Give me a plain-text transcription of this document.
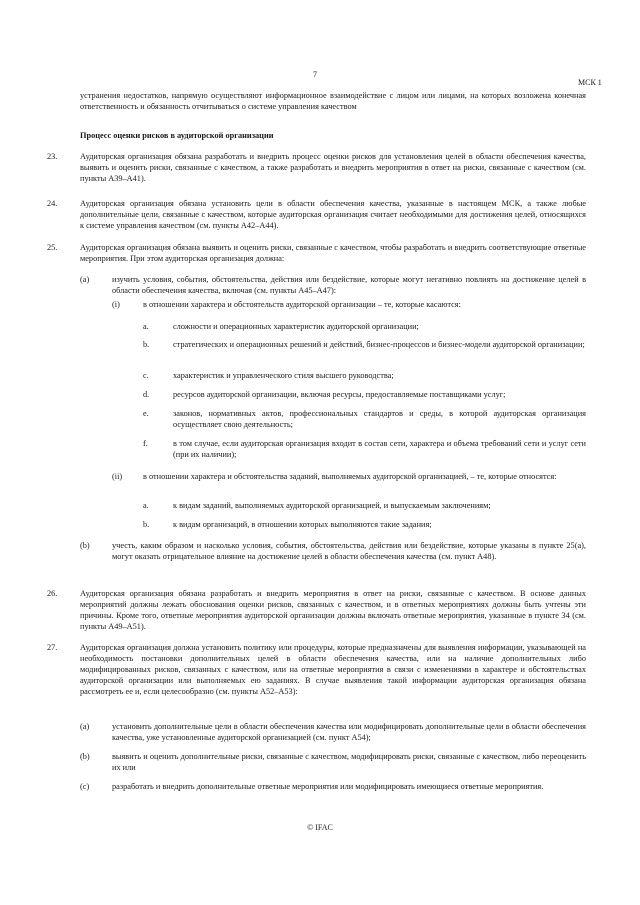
7
МСК 1
устранения недостатков, напрямую осуществляют информационное взаимодействие с лицом или лицами, на которых возложена конечная ответственность и обязанность отчитываться о системе управления качеством
Процесс оценки рисков в аудиторской организации
23.	Аудиторская организация обязана разработать и внедрить процесс оценки рисков для установления целей в области обеспечения качества, выявить и оценить риски, связанные с качеством, а также разработать и внедрить мероприятия в ответ на риски, связанные с качеством (см. пункты A39–A41).
24.	Аудиторская организация обязана установить цели в области обеспечения качества, указанные в настоящем МСК, а также любые дополнительные цели, связанные с качеством, которые аудиторская организация считает необходимыми для достижения целей, относящихся к системе управления качеством (см. пункты A42–A44).
25.	Аудиторская организация обязана выявить и оценить риски, связанные с качеством, чтобы разработать и внедрить соответствующие ответные мероприятия. При этом аудиторская организация должна:
(a)	изучить условия, события, обстоятельства, действия или бездействие, которые могут негативно повлиять на достижение целей в области обеспечения качества, включая (см. пункты A45–A47):
(i)	в отношении характера и обстоятельств аудиторской организации – те, которые касаются:
a.	сложности и операционных характеристик аудиторской организации;
b.	стратегических и операционных решений и действий, бизнес-процессов и бизнес-модели аудиторской организации;
c.	характеристик и управленческого стиля высшего руководства;
d.	ресурсов аудиторской организации, включая ресурсы, предоставляемые поставщиками услуг;
e.	законов, нормативных актов, профессиональных стандартов и среды, в которой аудиторская организация осуществляет свою деятельность;
f.	в том случае, если аудиторская организация входит в состав сети, характера и объема требований сети и услуг сети (при их наличии);
(ii)	в отношении характера и обстоятельства заданий, выполняемых аудиторской организацией, – те, которые относятся:
a.	к видам заданий, выполняемых аудиторской организацией, и выпускаемым заключениям;
b.	к видам организаций, в отношении которых выполняются такие задания;
(b)	учесть, каким образом и насколько условия, события, обстоятельства, действия или бездействие, которые указаны в пункте 25(a), могут оказать отрицательное влияние на достижение целей в области обеспечения качества (см. пункт A48).
26.	Аудиторская организация обязана разработать и внедрить мероприятия в ответ на риски, связанные с качеством. В основе данных мероприятий должны лежать обоснования оценки рисков, связанных с качеством, и в ответных мероприятиях должны быть учтены эти причины. Кроме того, ответные мероприятия аудиторской организации должны включать ответные мероприятия, указанные в пункте 34 (см. пункты A49–A51).
27.	Аудиторская организация должна установить политику или процедуры, которые предназначены для выявления информации, указывающей на необходимость постановки дополнительных целей в области обеспечения качества, или на наличие дополнительных либо модифицированных рисков, связанных с качеством, или на ответные мероприятия в связи с изменениями в характере и обстоятельствах аудиторской организации или выполняемых ею заданиях. В случае выявления такой информации аудиторская организация обязана рассмотреть ее и, если целесообразно (см. пункты A52–A53):
(a)	установить дополнительные цели в области обеспечения качества или модифицировать дополнительные цели в области обеспечения качества, уже установленные аудиторской организацией (см. пункт A54);
(b)	выявить и оценить дополнительные риски, связанные с качеством, модифицировать риски, связанные с качеством, либо переоценить их или
(c)	разработать и внедрить дополнительные ответные мероприятия или модифицировать имеющиеся ответные мероприятия.
© IFAC
